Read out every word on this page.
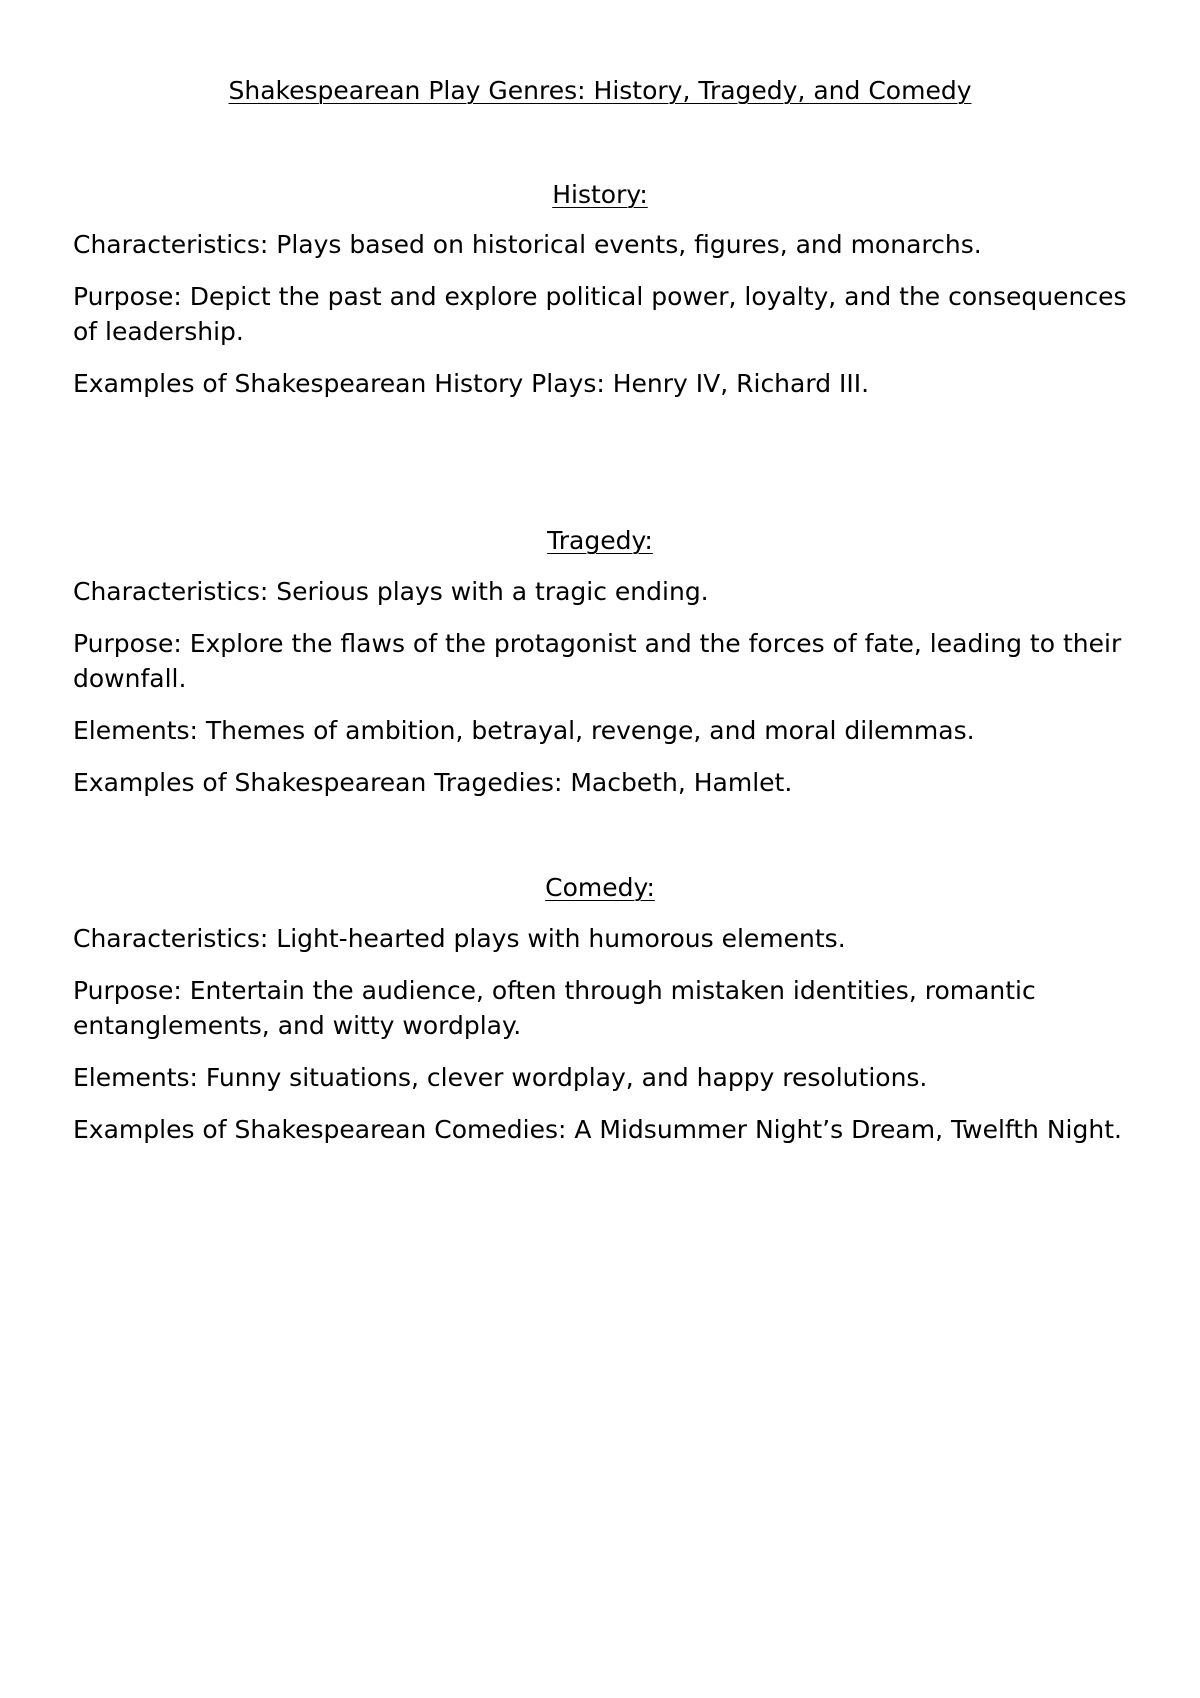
Shakespearean Play Genres: History, Tragedy, and Comedy
History:

Characteristics: Plays based on historical events, figures, and monarchs.

Purpose: Depict the past and explore political power, loyalty, and the consequences of leadership.

Examples of Shakespearean History Plays: Henry IV, Richard III.

Tragedy:

Characteristics: Serious plays with a tragic ending.

Purpose: Explore the flaws of the protagonist and the forces of fate, leading to their downfall.

Elements: Themes of ambition, betrayal, revenge, and moral dilemmas.

Examples of Shakespearean Tragedies: Macbeth, Hamlet.

Comedy:

Characteristics: Light-hearted plays with humorous elements.

Purpose: Entertain the audience, often through mistaken identities, romantic entanglements, and witty wordplay.

Elements: Funny situations, clever wordplay, and happy resolutions.

Examples of Shakespearean Comedies: A Midsummer Night’s Dream, Twelfth Night.
